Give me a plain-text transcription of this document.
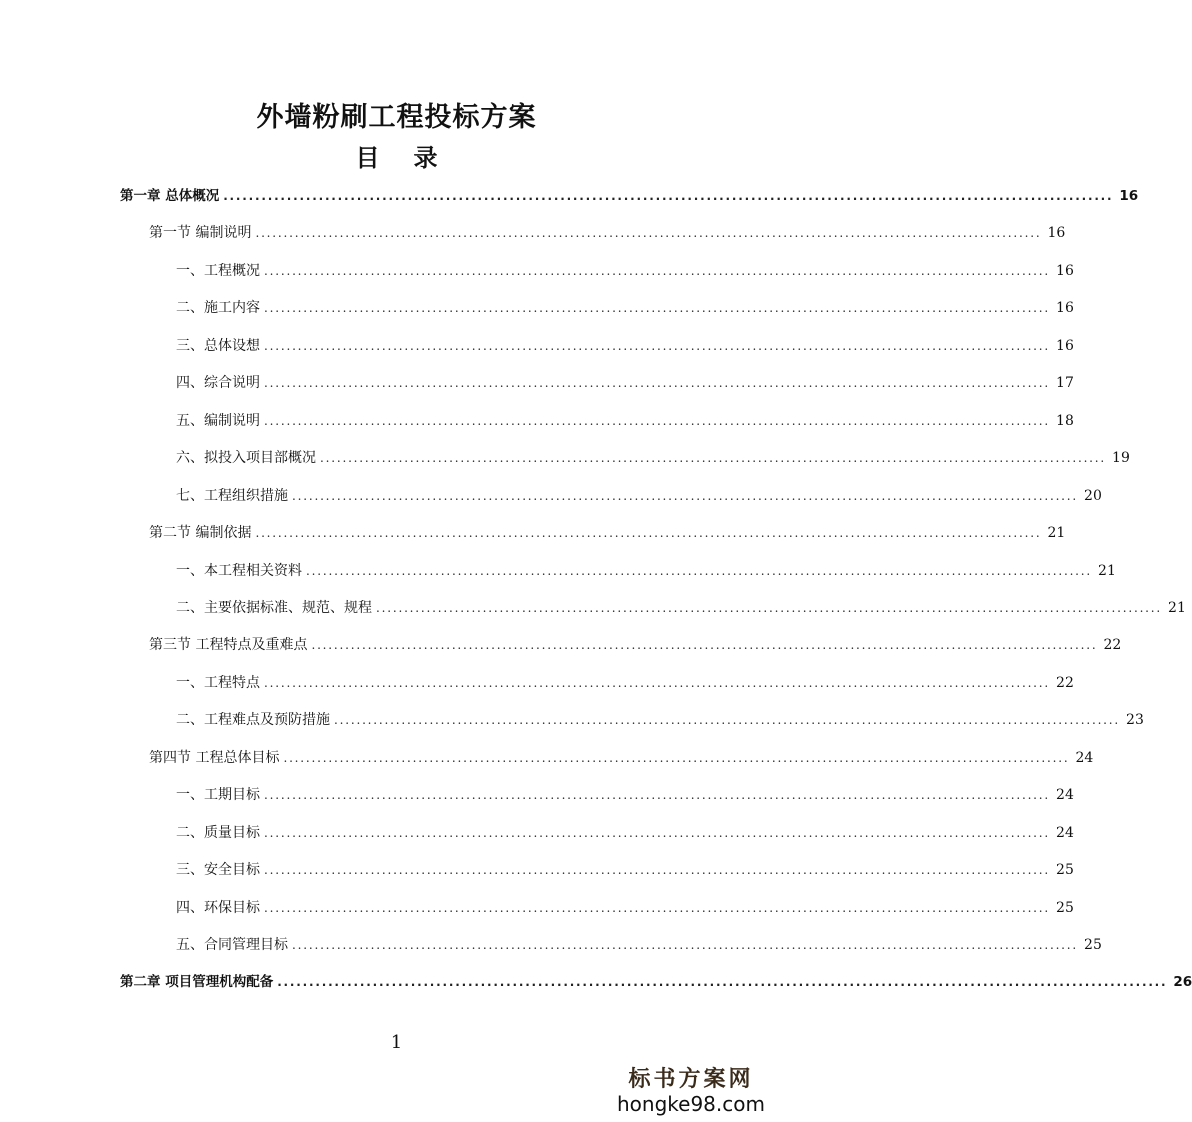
外墙粉刷工程投标方案
目 录
第一章 总体概况 ............................................................................................................................................ 16
第一节 编制说明 ............................................................................................................................................ 16
一、工程概况 ............................................................................................................................................ 16
二、施工内容 ............................................................................................................................................ 16
三、总体设想 ............................................................................................................................................ 16
四、综合说明 ............................................................................................................................................ 17
五、编制说明 ............................................................................................................................................ 18
六、拟投入项目部概况 ............................................................................................................................................ 19
七、工程组织措施 ............................................................................................................................................ 20
第二节 编制依据 ............................................................................................................................................ 21
一、本工程相关资料 ............................................................................................................................................ 21
二、主要依据标准、规范、规程 ............................................................................................................................................ 21
第三节 工程特点及重难点 ............................................................................................................................................ 22
一、工程特点 ............................................................................................................................................ 22
二、工程难点及预防措施 ............................................................................................................................................ 23
第四节 工程总体目标 ............................................................................................................................................ 24
一、工期目标 ............................................................................................................................................ 24
二、质量目标 ............................................................................................................................................ 24
三、安全目标 ............................................................................................................................................ 25
四、环保目标 ............................................................................................................................................ 25
五、合同管理目标 ............................................................................................................................................ 25
第二章 项目管理机构配备 ............................................................................................................................................ 26
1
标书方案网
hongke98.com
